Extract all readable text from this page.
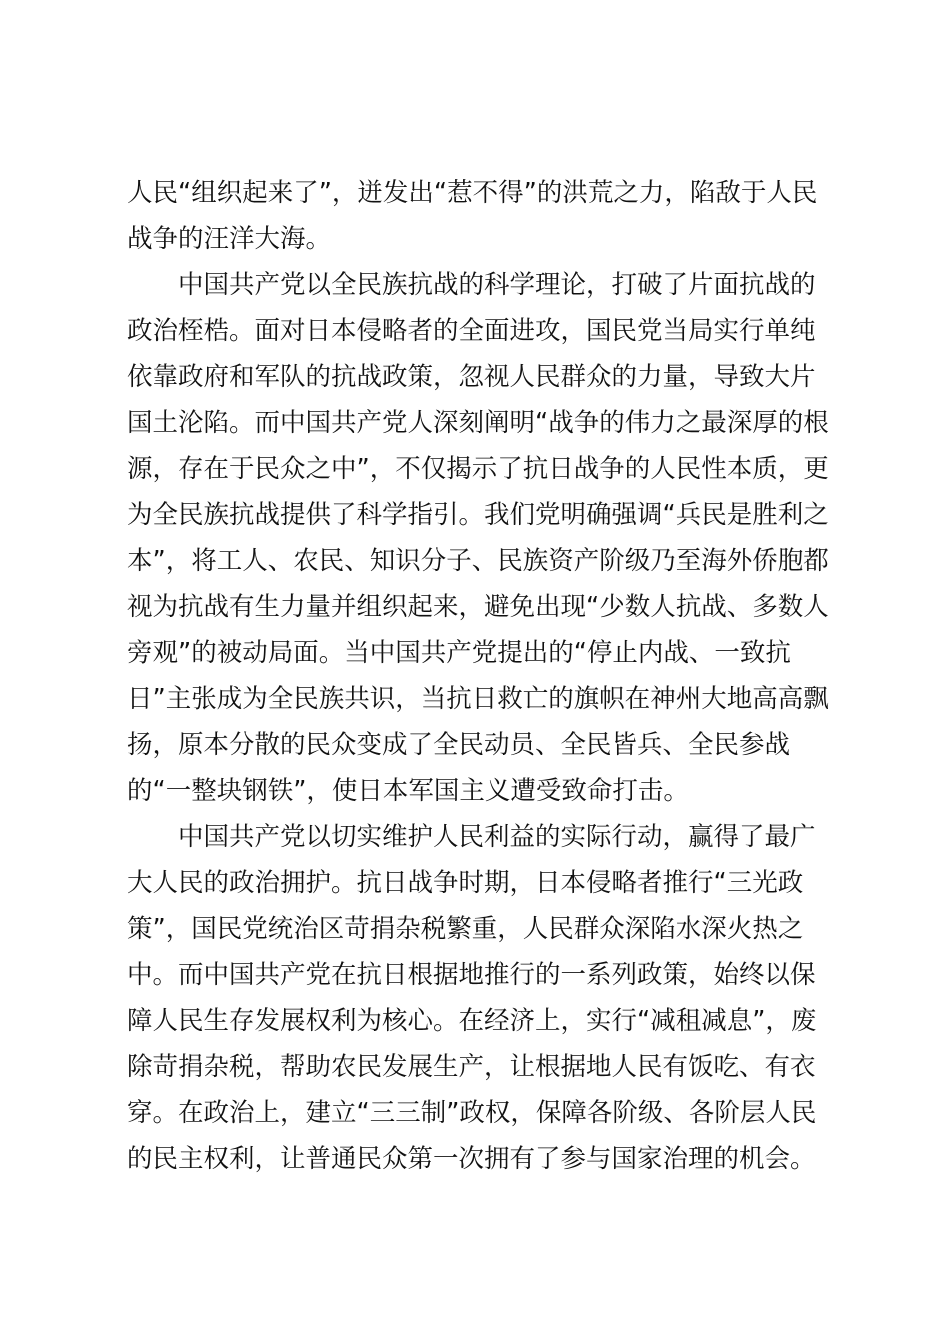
人民“组织起来了”，迸发出“惹不得”的洪荒之力，陷敌于人民
战争的汪洋大海。
中国共产党以全民族抗战的科学理论，打破了片面抗战的
政治桎梏。面对日本侵略者的全面进攻，国民党当局实行单纯
依靠政府和军队的抗战政策，忽视人民群众的力量，导致大片
国土沦陷。而中国共产党人深刻阐明“战争的伟力之最深厚的根
源，存在于民众之中”，不仅揭示了抗日战争的人民性本质，更
为全民族抗战提供了科学指引。我们党明确强调“兵民是胜利之
本”，将工人、农民、知识分子、民族资产阶级乃至海外侨胞都
视为抗战有生力量并组织起来，避免出现“少数人抗战、多数人
旁观”的被动局面。当中国共产党提出的“停止内战、一致抗
日”主张成为全民族共识，当抗日救亡的旗帜在神州大地高高飘
扬，原本分散的民众变成了全民动员、全民皆兵、全民参战
的“一整块钢铁”，使日本军国主义遭受致命打击。
中国共产党以切实维护人民利益的实际行动，赢得了最广
大人民的政治拥护。抗日战争时期，日本侵略者推行“三光政
策”，国民党统治区苛捐杂税繁重，人民群众深陷水深火热之
中。而中国共产党在抗日根据地推行的一系列政策，始终以保
障人民生存发展权利为核心。在经济上，实行“减租减息”，废
除苛捐杂税，帮助农民发展生产，让根据地人民有饭吃、有衣
穿。在政治上，建立“三三制”政权，保障各阶级、各阶层人民
的民主权利，让普通民众第一次拥有了参与国家治理的机会。
